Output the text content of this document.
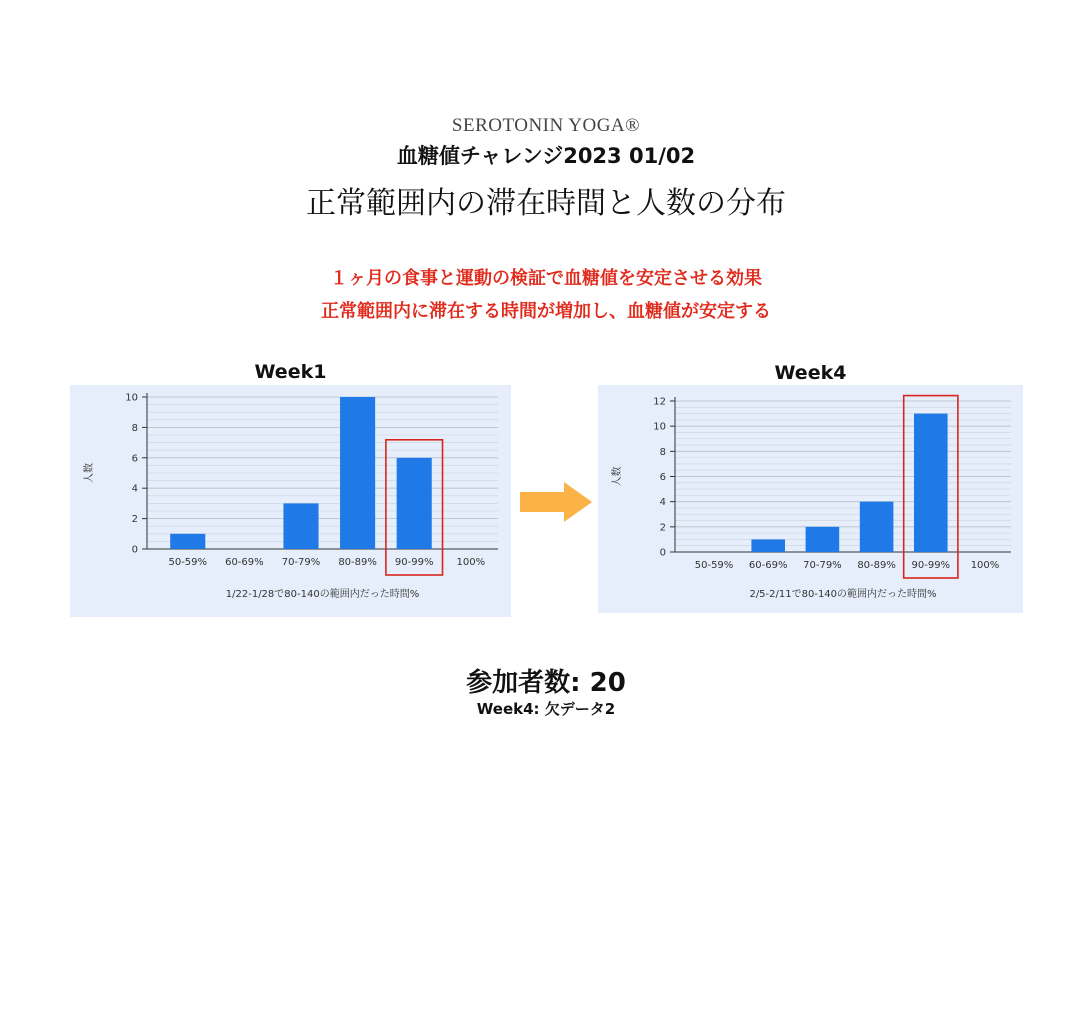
SEROTONIN YOGA®
血糖値チャレンジ2023 01/02
正常範囲内の滞在時間と人数の分布
１ヶ月の食事と運動の検証で血糖値を安定させる効果
正常範囲内に滞在する時間が増加し、血糖値が安定する
Week1
0
2
4
6
8
10
50-59% 60-69% 70-79% 80-89% 90-99% 100%
人数
1/22-1/28で80-140の範囲内だった時間%
Week4
0
2
4
6
8
10
12
50-59% 60-69% 70-79% 80-89% 90-99% 100%
人数
2/5-2/11で80-140の範囲内だった時間%
参加者数: 20
Week4: 欠データ2
